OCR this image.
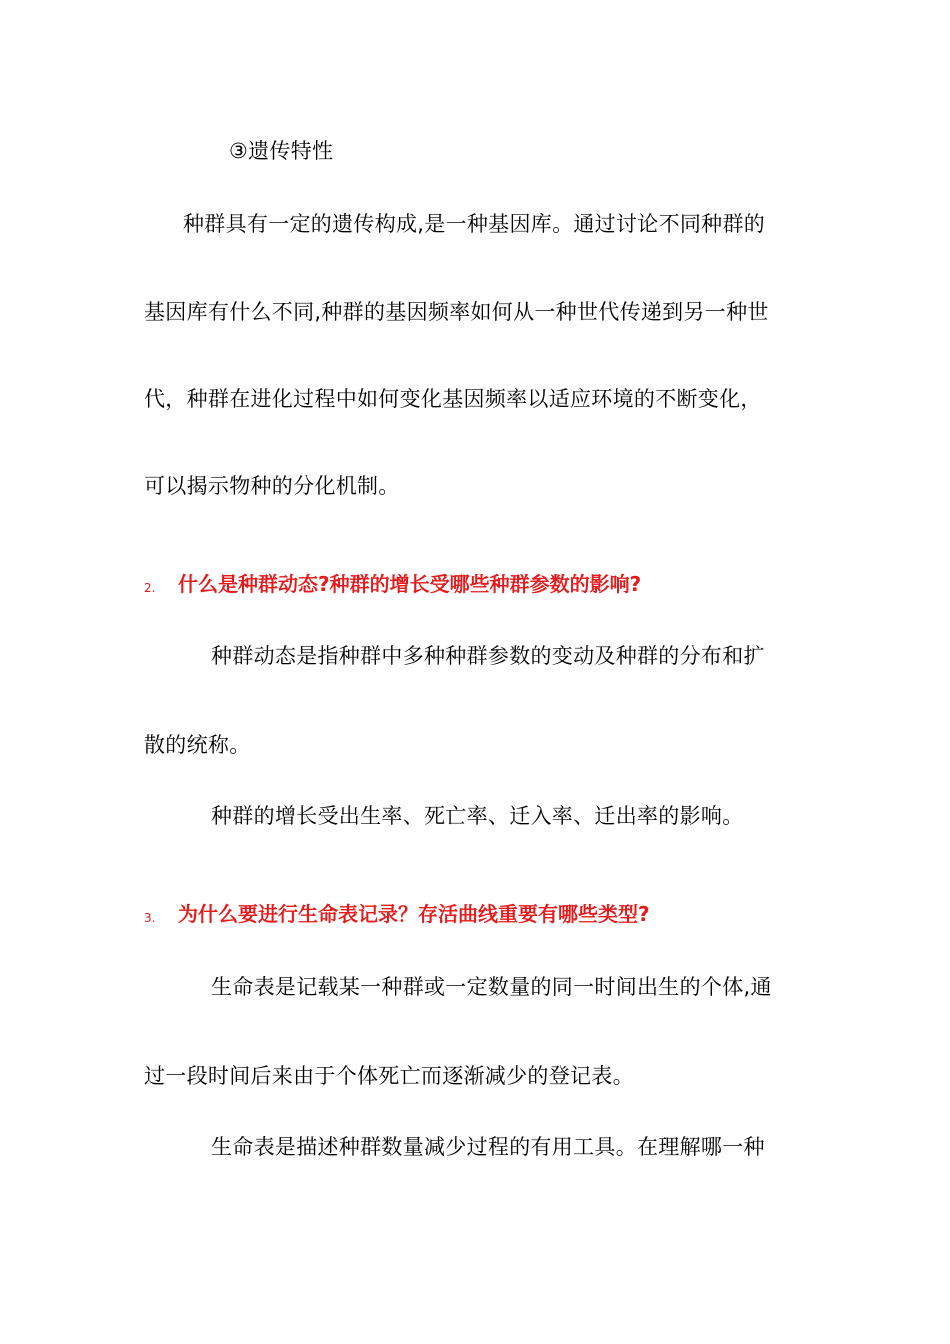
③遗传特性
种群具有一定的遗传构成,是一种基因库。通过讨论不同种群的
基因库有什么不同,种群的基因频率如何从一种世代传递到另一种世
代，种群在进化过程中如何变化基因频率以适应环境的不断变化，
可以揭示物种的分化机制。
2. 什么是种群动态?种群的增长受哪些种群参数的影响?
种群动态是指种群中多种种群参数的变动及种群的分布和扩
散的统称。
种群的增长受出生率、死亡率、迁入率、迁出率的影响。
3. 为什么要进行生命表记录？存活曲线重要有哪些类型?
生命表是记载某一种群或一定数量的同一时间出生的个体,通
过一段时间后来由于个体死亡而逐渐减少的登记表。
生命表是描述种群数量减少过程的有用工具。在理解哪一种
